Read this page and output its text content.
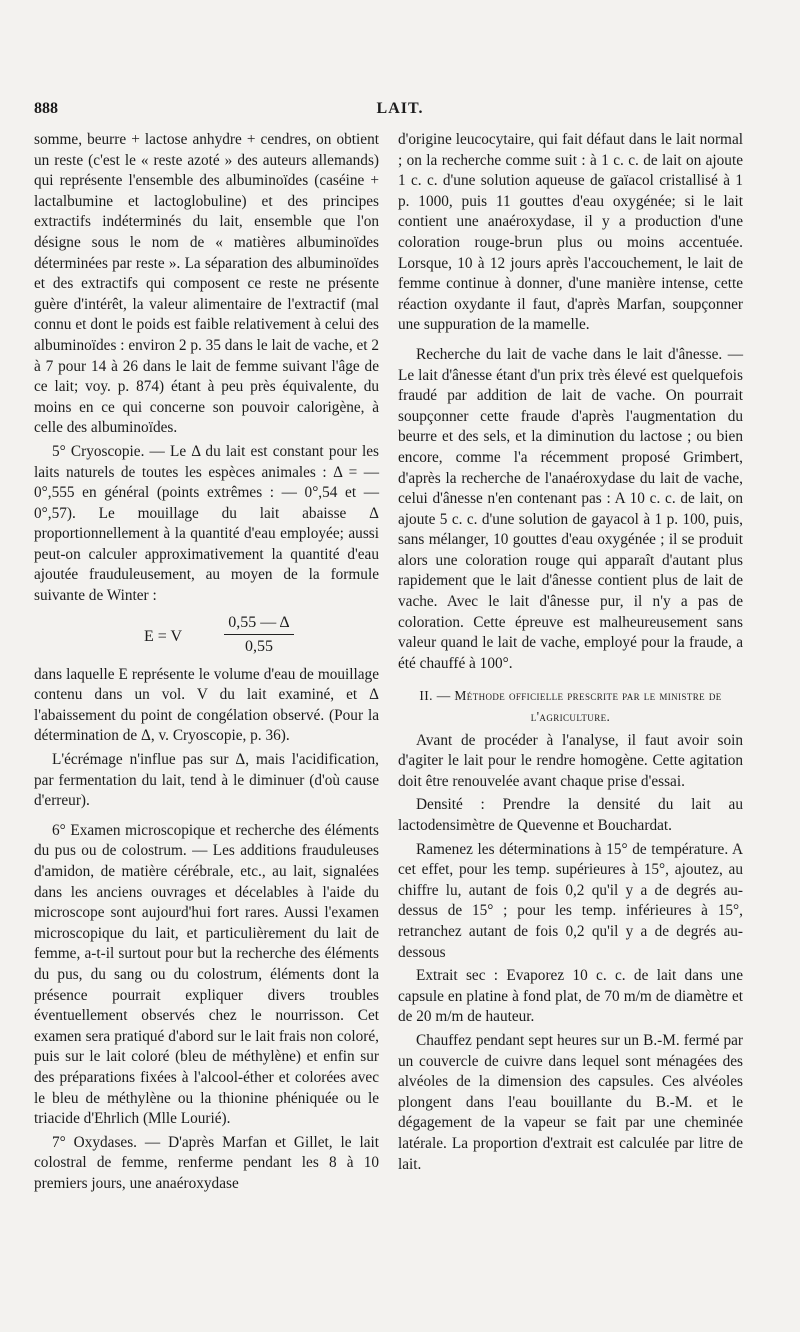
888	LAIT.

somme, beurre + lactose anhydre + cendres, on obtient un reste (c'est le « reste azoté » des auteurs allemands) qui représente l'ensemble des albuminoïdes (caséine + lactalbumine et lactoglobuline) et des principes extractifs indéterminés du lait, ensemble que l'on désigne sous le nom de « matières albuminoïdes déterminées par reste ». La séparation des albuminoïdes et des extractifs qui composent ce reste ne présente guère d'intérêt, la valeur alimentaire de l'extractif (mal connu et dont le poids est faible relativement à celui des albuminoïdes : environ 2 p. 35 dans le lait de vache, et 2 à 7 pour 14 à 26 dans le lait de femme suivant l'âge de ce lait; voy. p. 874) étant à peu près équivalente, du moins en ce qui concerne son pouvoir calorigène, à celle des albuminoïdes.

5° Cryoscopie. — Le Δ du lait est constant pour les laits naturels de toutes les espèces animales : Δ = — 0°,555 en général (points extrêmes : — 0°,54 et — 0°,57). Le mouillage du lait abaisse Δ proportionnellement à la quantité d'eau employée; aussi peut-on calculer approximativement la quantité d'eau ajoutée frauduleusement, au moyen de la formule suivante de Winter :

E = V
0,55 — Δ
0,55

dans laquelle E représente le volume d'eau de mouillage contenu dans un vol. V du lait examiné, et Δ l'abaissement du point de congélation observé. (Pour la détermination de Δ, v. Cryoscopie, p. 36).

L'écrémage n'influe pas sur Δ, mais l'acidification, par fermentation du lait, tend à le diminuer (d'où cause d'erreur).

6° Examen microscopique et recherche des éléments du pus ou de colostrum. — Les additions frauduleuses d'amidon, de matière cérébrale, etc., au lait, signalées dans les anciens ouvrages et décelables à l'aide du microscope sont aujourd'hui fort rares. Aussi l'examen microscopique du lait, et particulièrement du lait de femme, a-t-il surtout pour but la recherche des éléments du pus, du sang ou du colostrum, éléments dont la présence pourrait expliquer divers troubles éventuellement observés chez le nourrisson. Cet examen sera pratiqué d'abord sur le lait frais non coloré, puis sur le lait coloré (bleu de méthylène) et enfin sur des préparations fixées à l'alcool-éther et colorées avec le bleu de méthylène ou la thionine phéniquée ou le triacide d'Ehrlich (Mlle Lourié).

7° Oxydases. — D'après Marfan et Gillet, le lait colostral de femme, renferme pendant les 8 à 10 premiers jours, une anaéroxydase

d'origine leucocytaire, qui fait défaut dans le lait normal ; on la recherche comme suit : à 1 c. c. de lait on ajoute 1 c. c. d'une solution aqueuse de gaïacol cristallisé à 1 p. 1000, puis 11 gouttes d'eau oxygénée; si le lait contient une anaéroxydase, il y a production d'une coloration rouge-brun plus ou moins accentuée. Lorsque, 10 à 12 jours après l'accouchement, le lait de femme continue à donner, d'une manière intense, cette réaction oxydante il faut, d'après Marfan, soupçonner une suppuration de la mamelle.

Recherche du lait de vache dans le lait d'ânesse. — Le lait d'ânesse étant d'un prix très élevé est quelquefois fraudé par addition de lait de vache. On pourrait soupçonner cette fraude d'après l'augmentation du beurre et des sels, et la diminution du lactose ; ou bien encore, comme l'a récemment proposé Grimbert, d'après la recherche de l'anaéroxydase du lait de vache, celui d'ânesse n'en contenant pas : A 10 c. c. de lait, on ajoute 5 c. c. d'une solution de gayacol à 1 p. 100, puis, sans mélanger, 10 gouttes d'eau oxygénée ; il se produit alors une coloration rouge qui apparaît d'autant plus rapidement que le lait d'ânesse contient plus de lait de vache. Avec le lait d'ânesse pur, il n'y a pas de coloration. Cette épreuve est malheureusement sans valeur quand le lait de vache, employé pour la fraude, a été chauffé à 100°.

II. — Méthode officielle prescrite par le ministre de l'agriculture.

Avant de procéder à l'analyse, il faut avoir soin d'agiter le lait pour le rendre homogène. Cette agitation doit être renouvelée avant chaque prise d'essai.

Densité : Prendre la densité du lait au lactodensimètre de Quevenne et Bouchardat.

Ramenez les déterminations à 15° de température. A cet effet, pour les temp. supérieures à 15°, ajoutez, au chiffre lu, autant de fois 0,2 qu'il y a de degrés au-dessus de 15° ; pour les temp. inférieures à 15°, retranchez autant de fois 0,2 qu'il y a de degrés au-dessous

Extrait sec : Evaporez 10 c. c. de lait dans une capsule en platine à fond plat, de 70 m/m de diamètre et de 20 m/m de hauteur.

Chauffez pendant sept heures sur un B.-M. fermé par un couvercle de cuivre dans lequel sont ménagées des alvéoles de la dimension des capsules. Ces alvéoles plongent dans l'eau bouillante du B.-M. et le dégagement de la vapeur se fait par une cheminée latérale. La proportion d'extrait est calculée par litre de lait.
